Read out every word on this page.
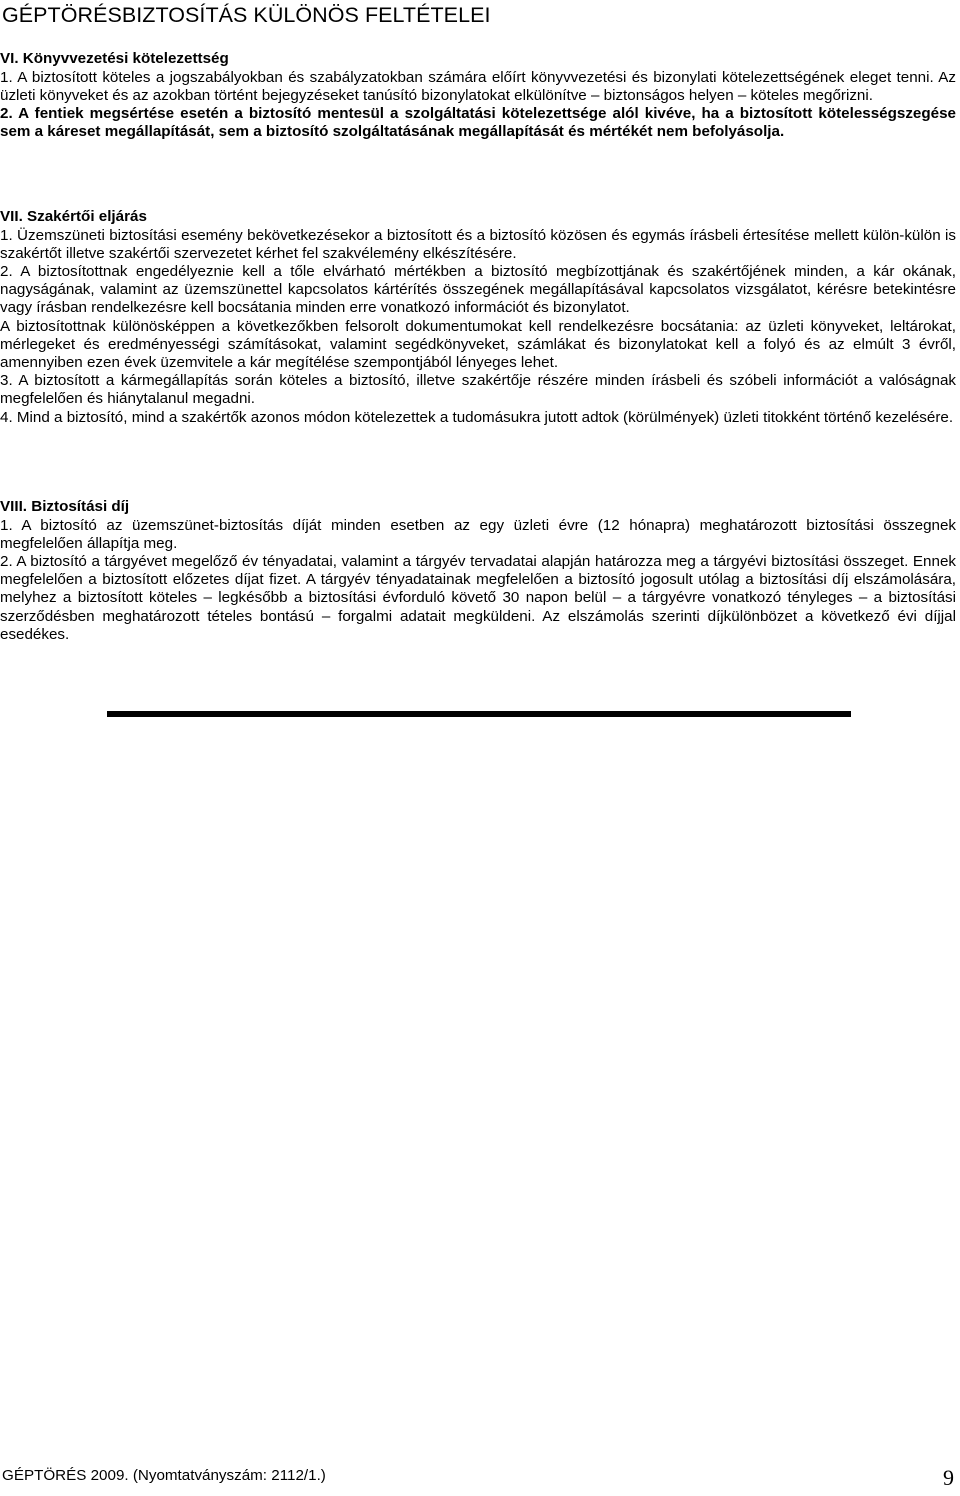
GÉPTÖRÉSBIZTOSÍTÁS KÜLÖNÖS FELTÉTELEI
VI. Könyvvezetési kötelezettség

1. A biztosított köteles a jogszabályokban és szabályzatokban számára előírt könyvvezetési és bizonylati kötelezettségének eleget tenni. Az üzleti könyveket és az azokban történt bejegyzéseket tanúsító bizonylatokat elkülönítve – biztonságos helyen – köteles megőrizni.

2. A fentiek megsértése esetén a biztosító mentesül a szolgáltatási kötelezettsége alól kivéve, ha a biztosított kötelességszegése sem a káreset megállapítását, sem a biztosító szolgáltatásának megállapítását és mértékét nem befolyásolja.

VII. Szakértői eljárás

1. Üzemszüneti biztosítási esemény bekövetkezésekor a biztosított és a biztosító közösen és egymás írásbeli értesítése mellett külön-külön is szakértőt illetve szakértői szervezetet kérhet fel szakvélemény elkészítésére.

2. A biztosítottnak engedélyeznie kell a tőle elvárható mértékben a biztosító megbízottjának és szakértőjének minden, a kár okának, nagyságának, valamint az üzemszünettel kapcsolatos kártérítés összegének megállapításával kapcsolatos vizsgálatot, kérésre betekintésre vagy írásban rendelkezésre kell bocsátania minden erre vonatkozó információt és bizonylatot.

A biztosítottnak különösképpen a következőkben felsorolt dokumentumokat kell rendelkezésre bocsátania: az üzleti könyveket, leltárokat, mérlegeket és eredményességi számításokat, valamint segédkönyveket, számlákat és bizonylatokat kell a folyó és az elmúlt 3 évről, amennyiben ezen évek üzemvitele a kár megítélése szempontjából lényeges lehet.

3. A biztosított a kármegállapítás során köteles a biztosító, illetve szakértője részére minden írásbeli és szóbeli információt a valóságnak megfelelően és hiánytalanul megadni.

4. Mind a biztosító, mind a szakértők azonos módon kötelezettek a tudomásukra jutott adtok (körülmények) üzleti titokként történő kezelésére.

VIII. Biztosítási díj

1. A biztosító az üzemszünet-biztosítás díját minden esetben az egy üzleti évre (12 hónapra) meghatározott biztosítási összegnek megfelelően állapítja meg.

2. A biztosító a tárgyévet megelőző év tényadatai, valamint a tárgyév tervadatai alapján határozza meg a tárgyévi biztosítási összeget. Ennek megfelelően a biztosított előzetes díjat fizet. A tárgyév tényadatainak megfelelően a biztosító jogosult utólag a biztosítási díj elszámolására, melyhez a biztosított köteles – legkésőbb a biztosítási évforduló követő 30 napon belül – a tárgyévre vonatkozó tényleges – a biztosítási szerződésben meghatározott tételes bontású – forgalmi adatait megküldeni. Az elszámolás szerinti díjkülönbözet a következő évi díjjal esedékes.

GÉPTÖRÉS 2009. (Nyomtatványszám: 2112/1.)	9
